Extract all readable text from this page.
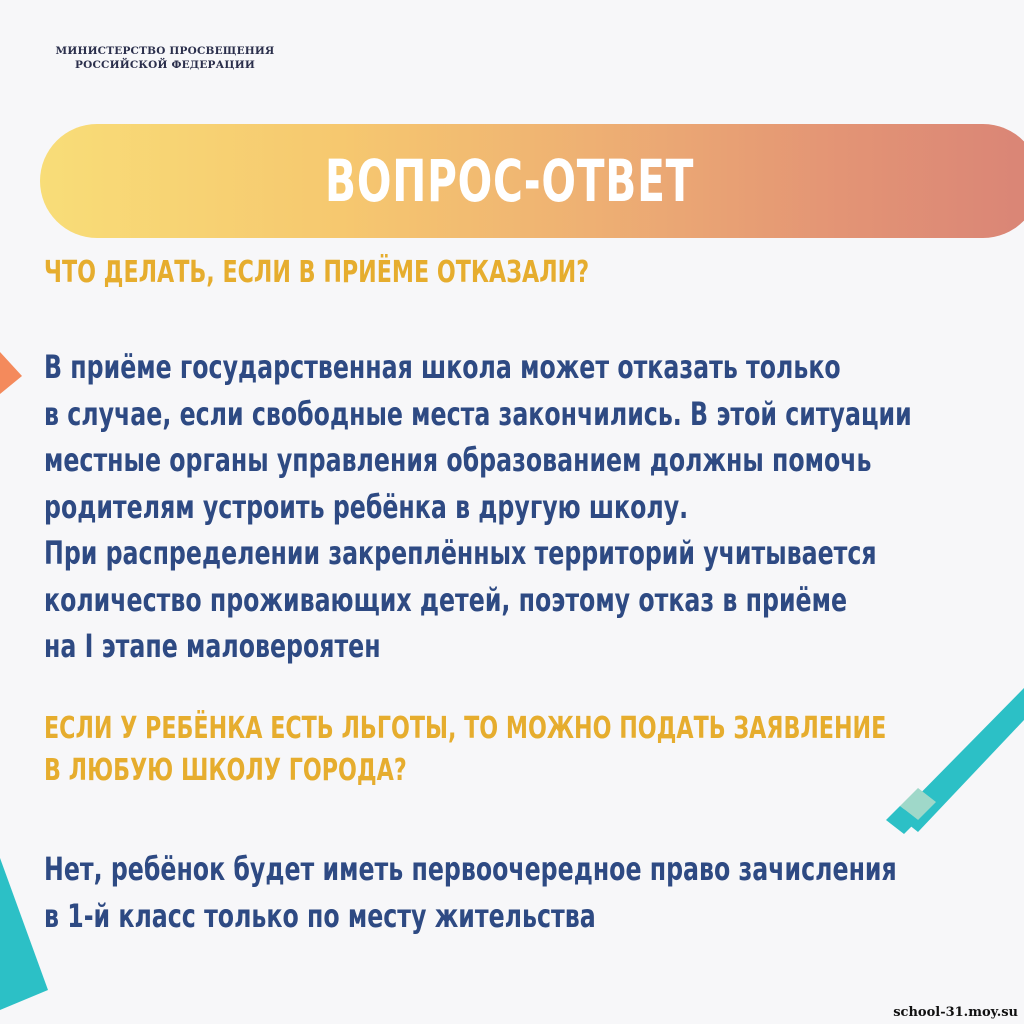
МИНИСТЕРСТВО ПРОСВЕЩЕНИЯ
РОССИЙСКОЙ ФЕДЕРАЦИИ
ВОПРОС-ОТВЕТ
ЧТО ДЕЛАТЬ, ЕСЛИ В ПРИЁМЕ ОТКАЗАЛИ?
В приёме государственная школа может отказать только
в случае, если свободные места закончились. В этой ситуации
местные органы управления образованием должны помочь
родителям устроить ребёнка в другую школу.
При распределении закреплённых территорий учитывается
количество проживающих детей, поэтому отказ в приёме
на I этапе маловероятен
ЕСЛИ У РЕБЁНКА ЕСТЬ ЛЬГОТЫ, ТО МОЖНО ПОДАТЬ ЗАЯВЛЕНИЕ
В ЛЮБУЮ ШКОЛУ ГОРОДА?
Нет, ребёнок будет иметь первоочередное право зачисления
в 1-й класс только по месту жительства
school-31.moy.su
